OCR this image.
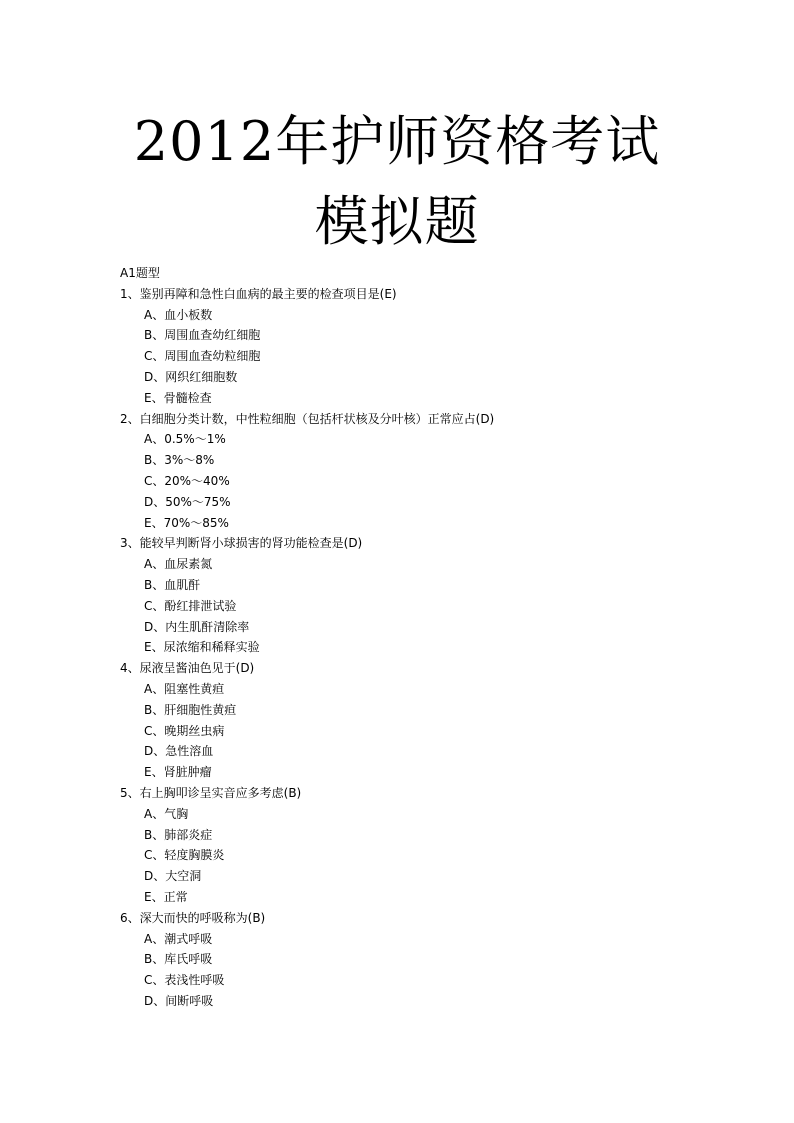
2012年护师资格考试
模拟题
A1题型
1、鉴别再障和急性白血病的最主要的检查项目是(E)
A、血小板数
B、周围血查幼红细胞
C、周围血查幼粒细胞
D、网织红细胞数
E、骨髓检查
2、白细胞分类计数，中性粒细胞（包括杆状核及分叶核）正常应占(D)
A、0.5%～1%
B、3%～8%
C、20%～40%
D、50%～75%
E、70%～85%
3、能较早判断肾小球损害的肾功能检查是(D)
A、血尿素氮
B、血肌酐
C、酚红排泄试验
D、内生肌酐清除率
E、尿浓缩和稀释实验
4、尿液呈酱油色见于(D)
A、阻塞性黄疸
B、肝细胞性黄疸
C、晚期丝虫病
D、急性溶血
E、肾脏肿瘤
5、右上胸叩诊呈实音应多考虑(B)
A、气胸
B、肺部炎症
C、轻度胸膜炎
D、大空洞
E、正常
6、深大而快的呼吸称为(B)
A、潮式呼吸
B、库氏呼吸
C、表浅性呼吸
D、间断呼吸
